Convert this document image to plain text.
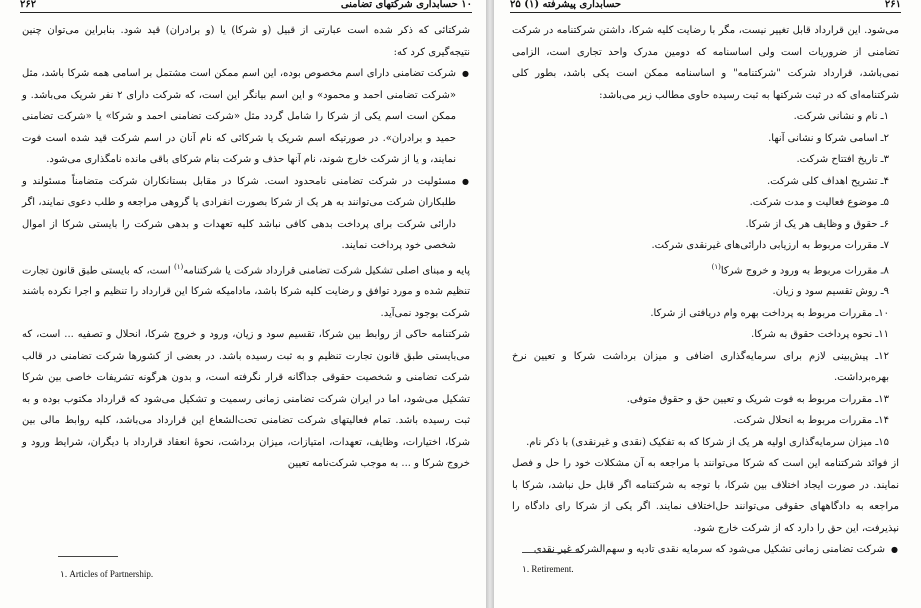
۱۰ حسابداری شرکتهای تضامنی
۲۶۲

شرکتائی که ذکر شده است عبارتی از قبیل (و شرکا) یا (و برادران) قید شود. بنابراین می‌توان چنین نتیجه‌گیری کرد که:

● شرکت تضامنی دارای اسم مخصوص بوده، این اسم ممکن است مشتمل بر اسامی همه شرکا باشد، مثل «شرکت تضامنی احمد و محمود» و این اسم بیانگر این است، که شرکت دارای ۲ نفر شریک می‌باشد. و ممکن است اسم یکی از شرکا را شامل گردد مثل «شرکت تضامنی احمد و شرکا» یا «شرکت تضامنی حمید و برادران». در صورتیکه اسم شریک یا شرکائی که نام آنان در اسم شرکت قید شده است فوت نمایند، و یا از شرکت خارج شوند، نام آنها حذف و شرکت بنام شرکای باقی مانده نامگذاری می‌شود.
● مسئولیت در شرکت تضامنی نامحدود است. شرکا در مقابل بستانکاران شرکت متضامناً مسئولند و طلبکاران شرکت می‌توانند به هر یک از شرکا بصورت انفرادی یا گروهی مراجعه و طلب دعوی نمایند، اگر دارائی شرکت برای پرداخت بدهی کافی نباشد کلیه تعهدات و بدهی شرکت را بایستی شرکا از اموال شخصی خود پرداخت نمایند.

پایه و مبنای اصلی تشکیل شرکت تضامنی قرارداد شرکت یا شرکتنامه$^{(۱)}$ است، که بایستی طبق قانون تجارت تنظیم شده و مورد توافق و رضایت کلیه شرکا باشد، مادامیکه شرکا این قرارداد را تنظیم و اجرا نکرده باشند شرکت بوجود نمی‌آید.

شرکتنامه حاکی از روابط بین شرکا، تقسیم سود و زیان، ورود و خروج شرکا، انحلال و تصفیه ... است، که می‌بایستی طبق قانون تجارت تنظیم و به ثبت رسیده باشد. در بعضی از کشورها شرکت تضامنی در قالب شرکت تضامنی و شخصیت حقوقی جداگانه قرار نگرفته است، و بدون هرگونه تشریفات خاصی بین شرکا تشکیل می‌شود، اما در ایران شرکت تضامنی زمانی رسمیت و تشکیل می‌شود که قرارداد مکتوب بوده و به ثبت رسیده باشد. تمام فعالیتهای شرکت تضامنی تحت‌الشعاع این قرارداد می‌باشد، کلیه روابط مالی بین شرکا، اختیارات، وظایف، تعهدات، امتیازات، میزان برداشت، نحوهٔ انعقاد قرارداد با دیگران، شرایط ورود و خروج شرکا و ... به موجب شرکت‌نامه تعیین

۱. Articles of Partnership.
۲۶۱
حسابداری پیشرفته (۱) ۲۵

می‌شود. این قرارداد قابل تغییر نیست، مگر با رضایت کلیه شرکا، داشتن شرکتنامه در شرکت تضامنی از ضروریات است ولی اساسنامه که دومین مدرک واحد تجاری است، الزامی نمی‌باشد، قرارداد شرکت "شرکتنامه" و اساسنامه ممکن است یکی باشد، بطور کلی شرکتنامه‌ای که در ثبت شرکتها به ثبت رسیده حاوی مطالب زیر می‌باشد:

۱ـ نام و نشانی شرکت.
۲ـ اسامی شرکا و نشانی آنها.
۳ـ تاریخ افتتاح شرکت.
۴ـ تشریح اهداف کلی شرکت.
۵ـ موضوع فعالیت و مدت شرکت.
۶ـ حقوق و وظایف هر یک از شرکا.
۷ـ مقررات مربوط به ارزیابی دارائی‌های غیرنقدی شرکت.
۸ـ مقررات مربوط به ورود و خروج شرکا$^{(۱)}$
۹ـ روش تقسیم سود و زیان.
۱۰ـ مقررات مربوط به پرداخت بهره وام دریافتی از شرکا.
۱۱ـ نحوه پرداخت حقوق به شرکا.
۱۲ـ پیش‌بینی لازم برای سرمایه‌گذاری اضافی و میزان برداشت شرکا و تعیین نرخ بهره‌برداشت.
۱۳ـ مقررات مربوط به فوت شریک و تعیین حق و حقوق متوفی.
۱۴ـ مقررات مربوط به انحلال شرکت.
۱۵ـ میزان سرمایه‌گذاری اولیه هر یک از شرکا که به تفکیک (نقدی و غیرنقدی) با ذکر نام.

از فوائد شرکتنامه این است که شرکا می‌توانند با مراجعه به آن مشکلات خود را حل و فصل نمایند. در صورت ایجاد اختلاف بین شرکا، با توجه به شرکتنامه اگر قابل حل نباشد، شرکا با مراجعه به دادگاههای حقوقی می‌توانند حل‌اختلاف نمایند. اگر یکی از شرکا رای دادگاه را نپذیرفت، این حق را دارد که از شرکت خارج شود.

● شرکت تضامنی زمانی تشکیل می‌شود که سرمایه نقدی تادیه و سهم‌الشرکه غیر نقدی
۱. Retirement.
